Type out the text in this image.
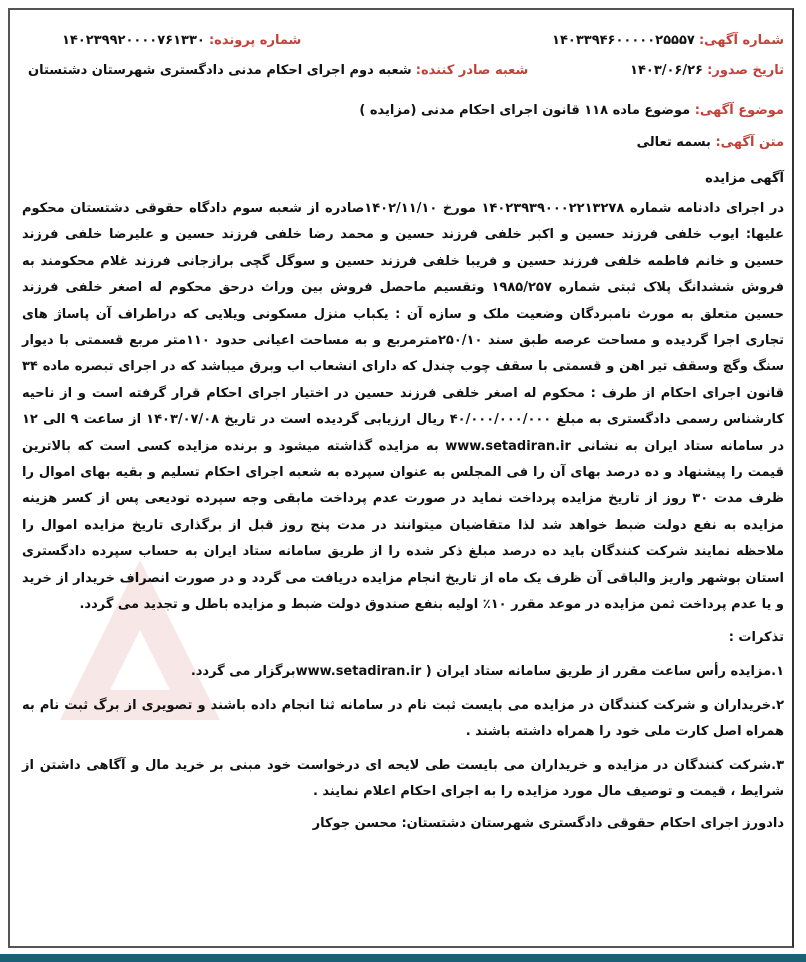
شماره آگهی: ۱۴۰۳۳۹۴۶۰۰۰۰۰۲۵۵۵۷
شماره پرونده: ۱۴۰۲۳۹۹۲۰۰۰۰۷۶۱۳۳۰
تاریخ صدور: ۱۴۰۳/۰۶/۲۶
شعبه صادر کننده: شعبه دوم اجرای احکام مدنی دادگستری شهرستان دشتستان
موضوع آگهی: موضوع ماده ۱۱۸ قانون اجرای احکام مدنی (مزایده )
متن آگهی: بسمه تعالی
آگهی مزایده
در اجرای دادنامه شماره ۱۴۰۲۳۹۳۹۰۰۰۲۲۱۳۲۷۸ مورخ ۱۴۰۲/۱۱/۱۰صادره از شعبه سوم دادگاه حقوقی دشتستان محکوم علیها: ایوب خلفی فرزند حسین و اکبر خلفی فرزند حسین و محمد رضا خلفی فرزند حسین و علیرضا خلفی فرزند حسین و خانم فاطمه خلفی فرزند حسین و فریبا خلفی فرزند حسین و سوگل گچی برازجانی فرزند غلام محکومند به فروش ششدانگ پلاک ثبتی شماره ۱۹۸۵/۲۵۷ وتقسیم ماحصل فروش بین وراث درحق محکوم له اصغر خلفی فرزند حسین متعلق به مورث نامبردگان وضعیت ملک و سازه آن : یکباب منزل مسکونی ویلایی که دراطراف آن پاساژ های تجاری اجرا گردیده و مساحت عرصه طبق سند ۲۵۰/۱۰مترمربع و به مساحت اعیانی حدود ۱۱۰متر مربع قسمتی با دیوار سنگ وگچ وسقف تیر اهن و قسمتی با سقف چوب چندل که دارای انشعاب اب وبرق میباشد که در اجرای تبصره ماده ۳۴ قانون اجرای احکام از طرف : محکوم له اصغر خلفی فرزند حسین در اختیار اجرای احکام قرار گرفته است و از ناحیه کارشناس رسمی دادگستری به مبلغ ۴۰/۰۰۰/۰۰۰/۰۰۰ ریال ارزیابی گردیده است در تاریخ ۱۴۰۳/۰۷/۰۸ از ساعت ۹ الی ۱۲ در سامانه ستاد ایران به نشانی www.setadiran.ir به مزایده گذاشته میشود و برنده مزایده کسی است که بالاترین قیمت را پیشنهاد و ده درصد بهای آن را فی المجلس به عنوان سپرده به شعبه اجرای احکام تسلیم و بقیه بهای اموال را ظرف مدت ۳۰ روز از تاریخ مزایده پرداخت نماید در صورت عدم پرداخت مابقی وجه سپرده تودیعی پس از کسر هزینه مزایده به نفع دولت ضبط خواهد شد لذا متقاضیان میتوانند در مدت پنج روز قبل از برگذاری تاریخ مزایده اموال را ملاحظه نمایند شرکت کنندگان باید ده درصد مبلغ ذکر شده را از طریق سامانه ستاد ایران به حساب سپرده دادگستری استان بوشهر واریز والباقی آن ظرف یک ماه از تاریخ انجام مزایده دریافت می گردد و در صورت انصراف خریدار از خرید و یا عدم پرداخت ثمن مزایده در موعد مقرر ۱۰٪ اولیه بنفع صندوق دولت ضبط و مزایده باطل و تجدید می گردد.
تذکرات :
۱.مزایده رأس ساعت مقرر از طریق سامانه ستاد ایران ( www.setadiran.irبرگزار می گردد.
۲.خریداران و شرکت کنندگان در مزایده می بایست ثبت نام در سامانه ثنا انجام داده باشند و تصویری از برگ ثبت نام به همراه اصل کارت ملی خود را همراه داشته باشند .
۳.شرکت کنندگان در مزایده و خریداران می بایست طی لایحه ای درخواست خود مبنی بر خرید مال و آگاهی داشتن از شرایط ، قیمت و توصیف مال مورد مزایده را به اجرای احکام اعلام نمایند .
دادورز اجرای احکام حقوقی دادگستری شهرستان دشتستان: محسن جوکار
